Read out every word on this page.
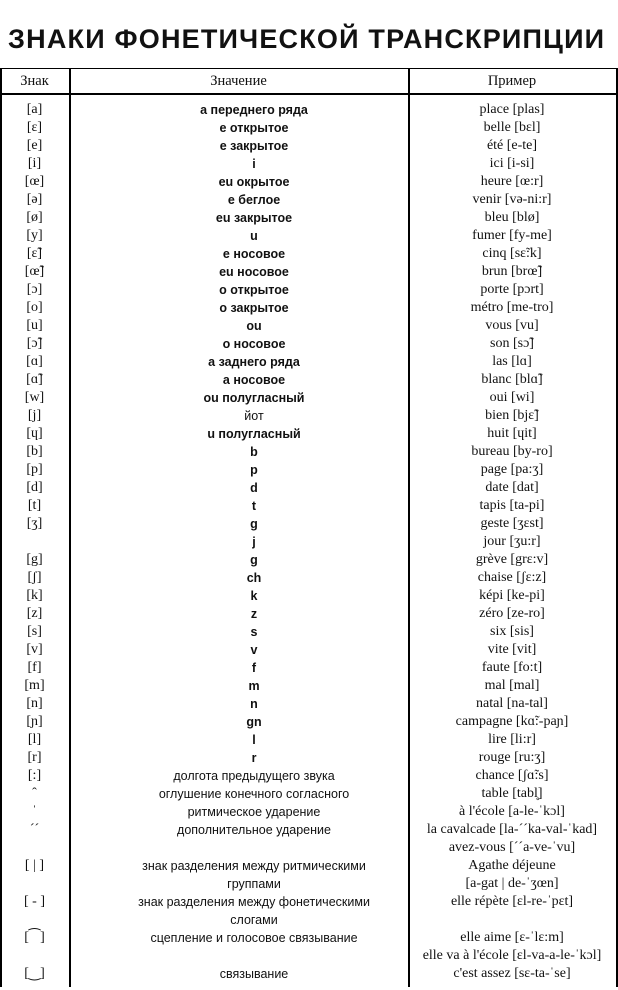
ЗНАКИ ФОНЕТИЧЕСКОЙ ТРАНСКРИПЦИИ
Знак	Значение	Пример
[a]
[ɛ]
[e]
[i]
[œ]
[ə]
[ø]
[y]
[ɛ̃]
[œ̃]
[ɔ]
[o]
[u]
[ɔ̃]
[ɑ]
[ɑ̃]
[w]
[j]
[ɥ]
[b]
[p]
[d]
[t]
[ʒ]
[g]
[ʃ]
[k]
[z]
[s]
[v]
[f]
[m]
[n]
[ɲ]
[l]
[r]
[:]
ˆ
ˈ
ˊˊ
[ | ]
[ - ]
[⁀]
[‿]
а переднего ряда
е открытое
е закрытое
i
eu окрытое
е беглое
eu закрытое
u
е носовое
eu носовое
о открытое
о закрытое
ou
о носовое
а заднего ряда
а носовое
ou полугласный
йот
u полугласный
b
p
d
t
g
j
g
ch
k
z
s
v
f
m
n
gn
l
r
долгота предыдущего звука
оглушение конечного согласного
ритмическое ударение
дополнительное ударение
знак разделения между ритмическими
группами
знак разделения между фонетическими
слогами
сцепление и голосовое связывание
связывание
place [plas]
belle [bɛl]
été [e-te]
ici [i-si]
heure [œ:r]
venir [və-ni:r]
bleu [blø]
fumer [fy-me]
cinq [sɛ̃:k]
brun [brœ̃]
porte [pɔrt]
métro [me-tro]
vous [vu]
son [sɔ̃]
las [lɑ]
blanc [blɑ̃]
oui [wi]
bien [bjɛ̃]
huit [ɥit]
bureau [by-ro]
page [pa:ʒ]
date [dat]
tapis [ta-pi]
geste [ʒɛst]
jour [ʒu:r]
grève [grɛ:v]
chaise [ʃɛ:z]
képi [ke-pi]
zéro [ze-ro]
six [sis]
vite [vit]
faute [fo:t]
mal [mal]
natal [na-tal]
campagne [kɑ̃:-paɲ]
lire [li:r]
rouge [ru:ʒ]
chance [ʃɑ̃:s]
table [tabl̥]
à l'école [a-le-ˈkɔl]
la cavalcade [la-ˊˊka-val-ˈkad]
avez-vous [ˊˊa-ve-ˈvu]
Agathe déjeune
[a-gat | de-ˈʒœn]
elle répète [ɛl-re-ˈpɛt]
elle aime [ɛ-ˈlɛ:m]
elle va à l'école [ɛl-va-a-le-ˈkɔl]
c'est assez [sɛ-ta-ˈse]
